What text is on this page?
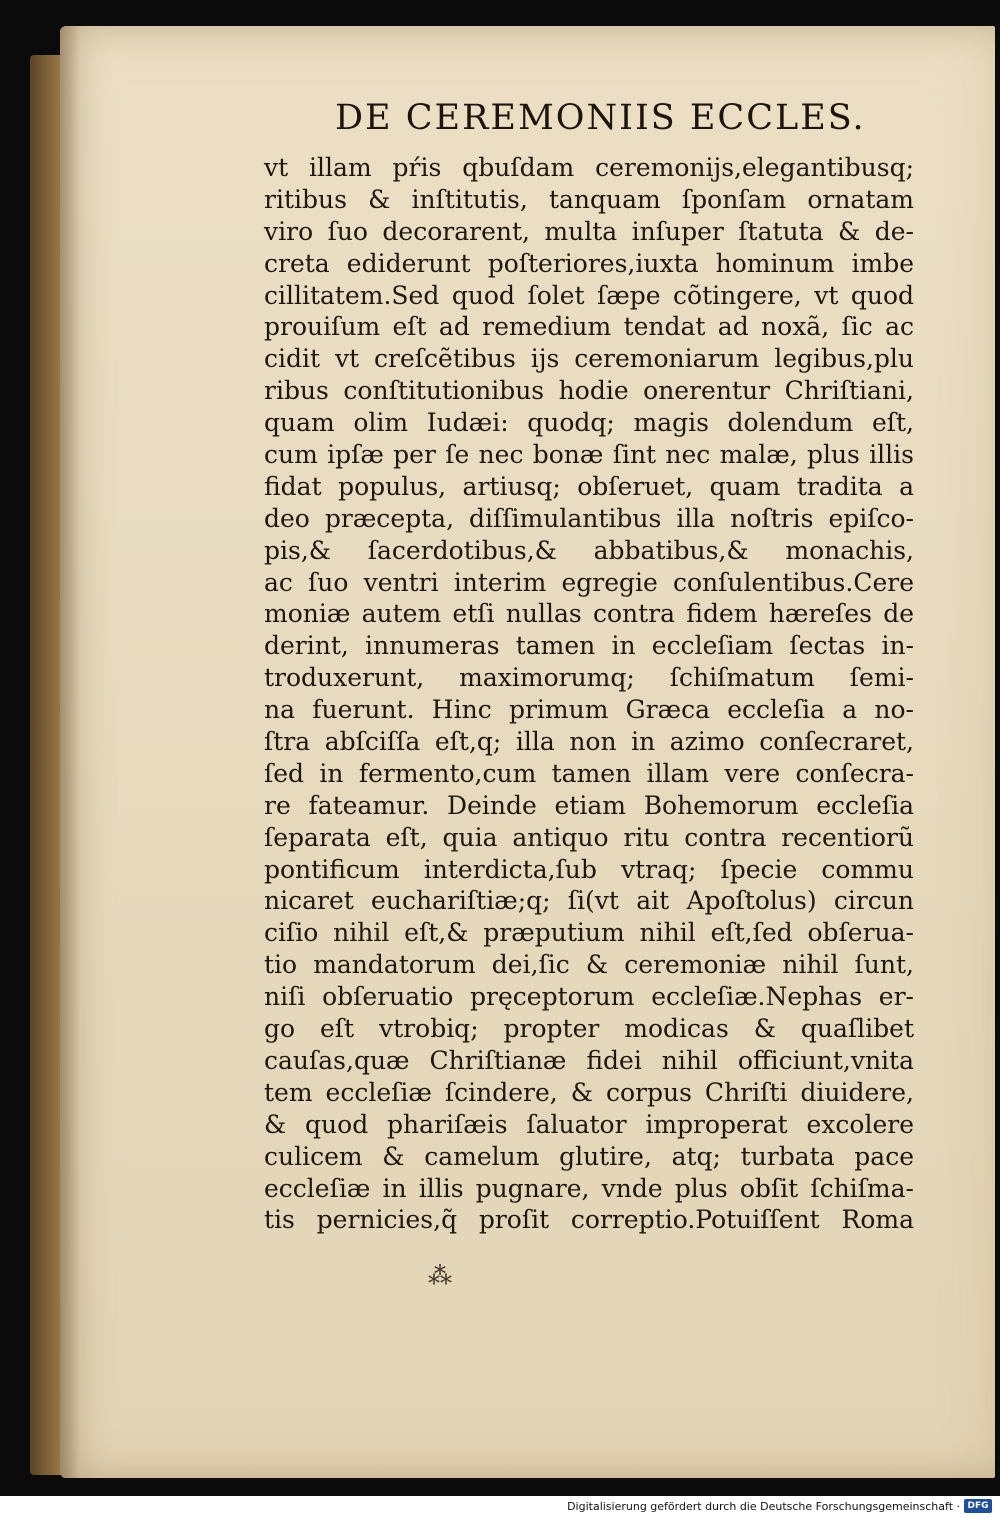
DE CEREMONIIS ECCLES.
vt illam pŕis qbuſdam ceremonijs,elegantibusq;
ritibus & inſtitutis, tanquam ſponſam ornatam
viro ſuo decorarent, multa inſuper ſtatuta & de-
creta ediderunt poſteriores,iuxta hominum imbe
cillitatem.Sed quod ſolet ſæpe cõtingere, vt quod
prouiſum eſt ad remedium tendat ad noxã, ſic ac
cidit vt creſcẽtibus ijs ceremoniarum legibus,plu
ribus conſtitutionibus hodie onerentur Chriſtiani,
quam olim Iudæi: quodq; magis dolendum eſt,
cum ipſæ per ſe nec bonæ ſint nec malæ, plus illis
fidat populus, artiusq; obſeruet, quam tradita a
deo præcepta, diſſimulantibus illa noſtris epiſco-
pis,& ſacerdotibus,& abbatibus,& monachis,
ac ſuo ventri interim egregie conſulentibus.Cere
moniæ autem etſi nullas contra fidem hæreſes de
derint, innumeras tamen in eccleſiam ſectas in-
troduxerunt, maximorumq; ſchiſmatum ſemi-
na fuerunt. Hinc primum Græca eccleſia a no-
ſtra abſciſſa eſt,q; illa non in azimo conſecraret,
ſed in fermento,cum tamen illam vere conſecra-
re fateamur. Deinde etiam Bohemorum eccleſia
ſeparata eſt, quia antiquo ritu contra recentiorũ
pontificum interdicta,ſub vtraq; ſpecie commu
nicaret euchariſtiæ;q; ſi(vt ait Apoſtolus) circun
ciſio nihil eſt,& præputium nihil eſt,ſed obſerua-
tio mandatorum dei,ſic & ceremoniæ nihil ſunt,
niſi obſeruatio pręceptorum eccleſiæ.Nephas er-
go eſt vtrobiq; propter modicas & quaſlibet
cauſas,quæ Chriſtianæ fidei nihil officiunt,vnita
tem eccleſiæ ſcindere, & corpus Chriſti diuidere,
& quod phariſæis ſaluator improperat excolere
culicem & camelum glutire, atq; turbata pace
eccleſiæ in illis pugnare, vnde plus obſit ſchiſma-
tis pernicies,q̃ proſit correptio.Potuiſſent Roma
⁂
Digitalisierung gefördert durch die Deutsche Forschungsgemeinschaft · DFG
